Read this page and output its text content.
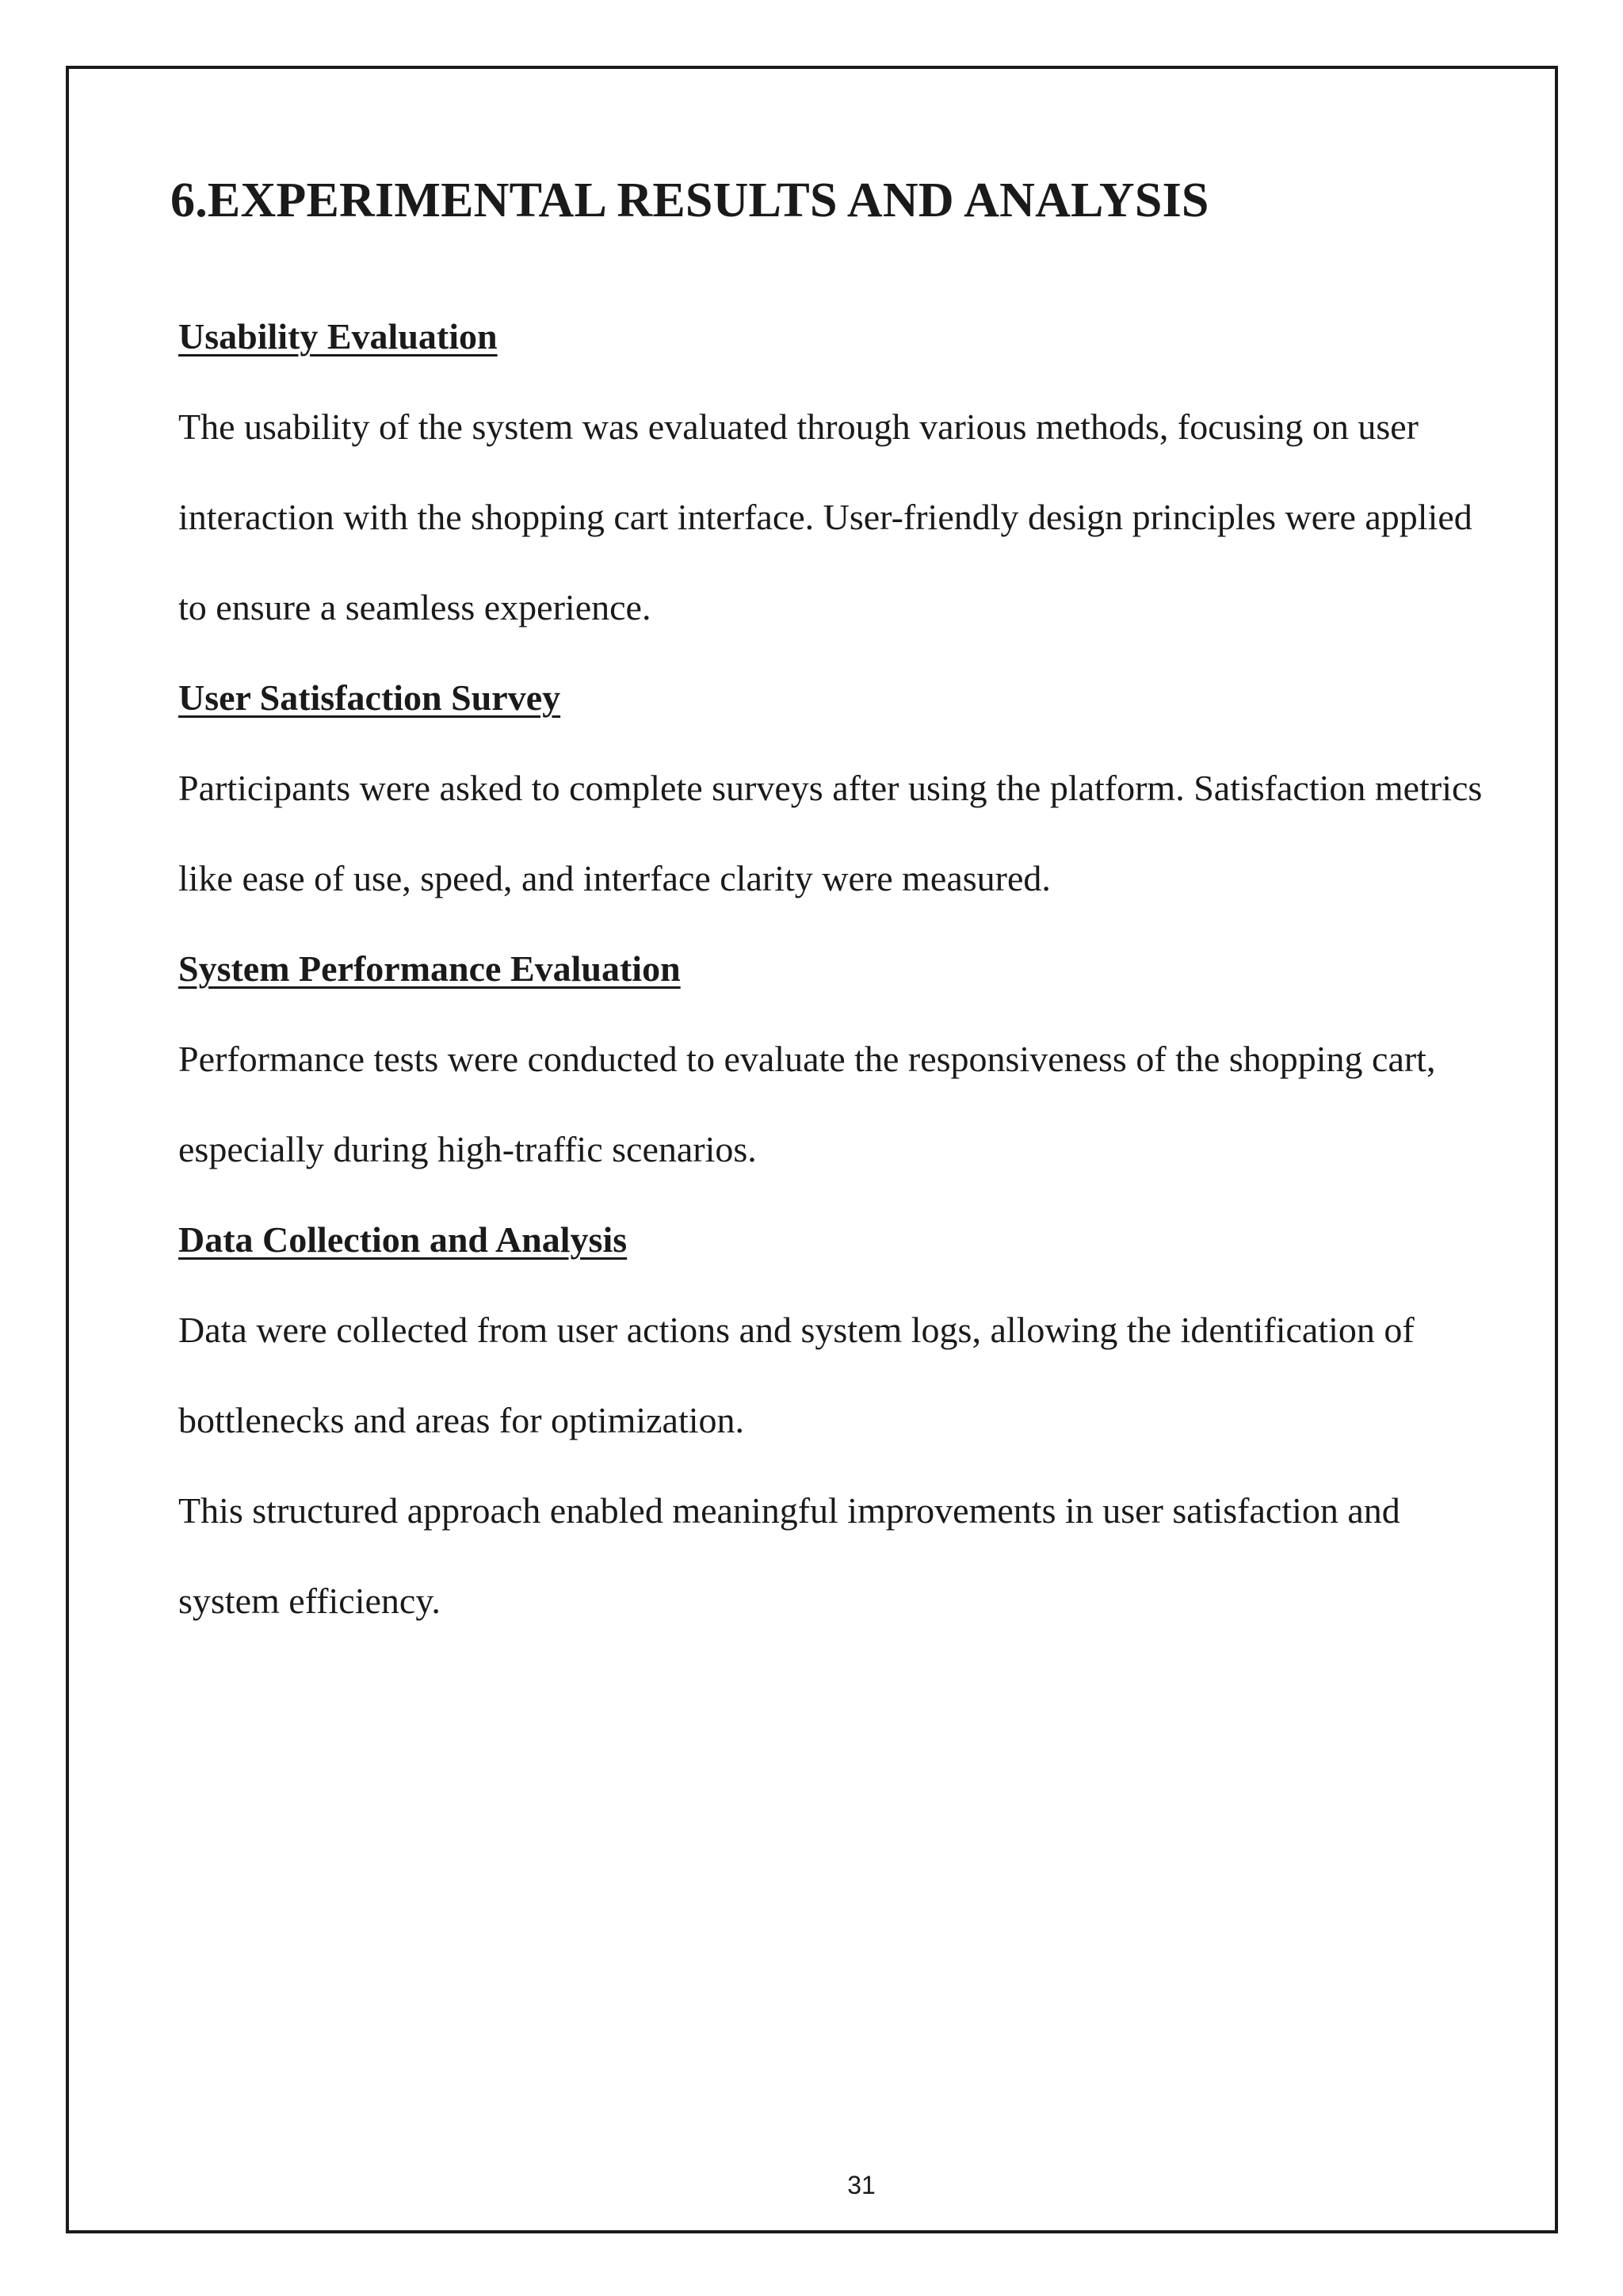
6.EXPERIMENTAL RESULTS AND ANALYSIS
Usability Evaluation

The usability of the system was evaluated through various methods, focusing on user

interaction with the shopping cart interface. User-friendly design principles were applied

to ensure a seamless experience.

User Satisfaction Survey

Participants were asked to complete surveys after using the platform. Satisfaction metrics

like ease of use, speed, and interface clarity were measured.

System Performance Evaluation

Performance tests were conducted to evaluate the responsiveness of the shopping cart,

especially during high-traffic scenarios.

Data Collection and Analysis

Data were collected from user actions and system logs, allowing the identification of

bottlenecks and areas for optimization.

This structured approach enabled meaningful improvements in user satisfaction and

system efficiency.

31
